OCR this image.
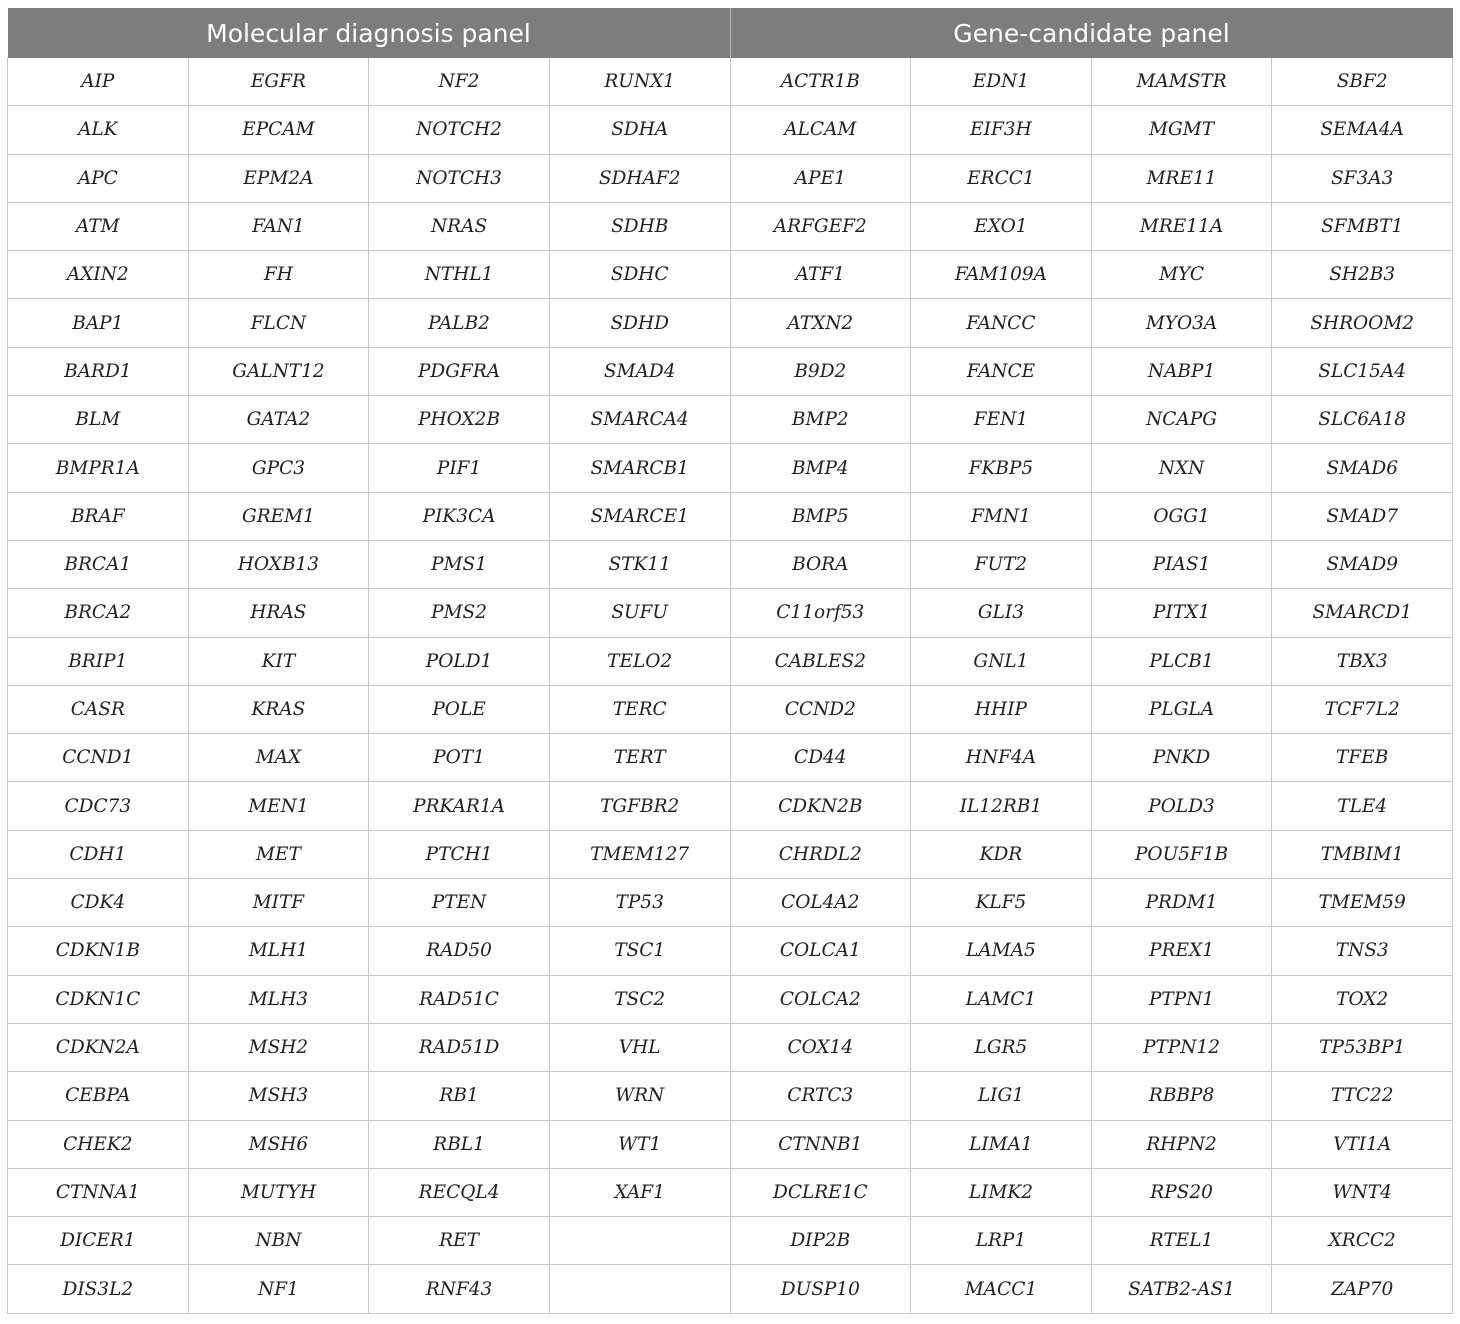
Molecular diagnosis panel				Gene-candidate panel			
AIP	EGFR	NF2	RUNX1	ACTR1B	EDN1	MAMSTR	SBF2
ALK	EPCAM	NOTCH2	SDHA	ALCAM	EIF3H	MGMT	SEMA4A
APC	EPM2A	NOTCH3	SDHAF2	APE1	ERCC1	MRE11	SF3A3
ATM	FAN1	NRAS	SDHB	ARFGEF2	EXO1	MRE11A	SFMBT1
AXIN2	FH	NTHL1	SDHC	ATF1	FAM109A	MYC	SH2B3
BAP1	FLCN	PALB2	SDHD	ATXN2	FANCC	MYO3A	SHROOM2
BARD1	GALNT12	PDGFRA	SMAD4	B9D2	FANCE	NABP1	SLC15A4
BLM	GATA2	PHOX2B	SMARCA4	BMP2	FEN1	NCAPG	SLC6A18
BMPR1A	GPC3	PIF1	SMARCB1	BMP4	FKBP5	NXN	SMAD6
BRAF	GREM1	PIK3CA	SMARCE1	BMP5	FMN1	OGG1	SMAD7
BRCA1	HOXB13	PMS1	STK11	BORA	FUT2	PIAS1	SMAD9
BRCA2	HRAS	PMS2	SUFU	C11orf53	GLI3	PITX1	SMARCD1
BRIP1	KIT	POLD1	TELO2	CABLES2	GNL1	PLCB1	TBX3
CASR	KRAS	POLE	TERC	CCND2	HHIP	PLGLA	TCF7L2
CCND1	MAX	POT1	TERT	CD44	HNF4A	PNKD	TFEB
CDC73	MEN1	PRKAR1A	TGFBR2	CDKN2B	IL12RB1	POLD3	TLE4
CDH1	MET	PTCH1	TMEM127	CHRDL2	KDR	POU5F1B	TMBIM1
CDK4	MITF	PTEN	TP53	COL4A2	KLF5	PRDM1	TMEM59
CDKN1B	MLH1	RAD50	TSC1	COLCA1	LAMA5	PREX1	TNS3
CDKN1C	MLH3	RAD51C	TSC2	COLCA2	LAMC1	PTPN1	TOX2
CDKN2A	MSH2	RAD51D	VHL	COX14	LGR5	PTPN12	TP53BP1
CEBPA	MSH3	RB1	WRN	CRTC3	LIG1	RBBP8	TTC22
CHEK2	MSH6	RBL1	WT1	CTNNB1	LIMA1	RHPN2	VTI1A
CTNNA1	MUTYH	RECQL4	XAF1	DCLRE1C	LIMK2	RPS20	WNT4
DICER1	NBN	RET		DIP2B	LRP1	RTEL1	XRCC2
DIS3L2	NF1	RNF43		DUSP10	MACC1	SATB2-AS1	ZAP70
